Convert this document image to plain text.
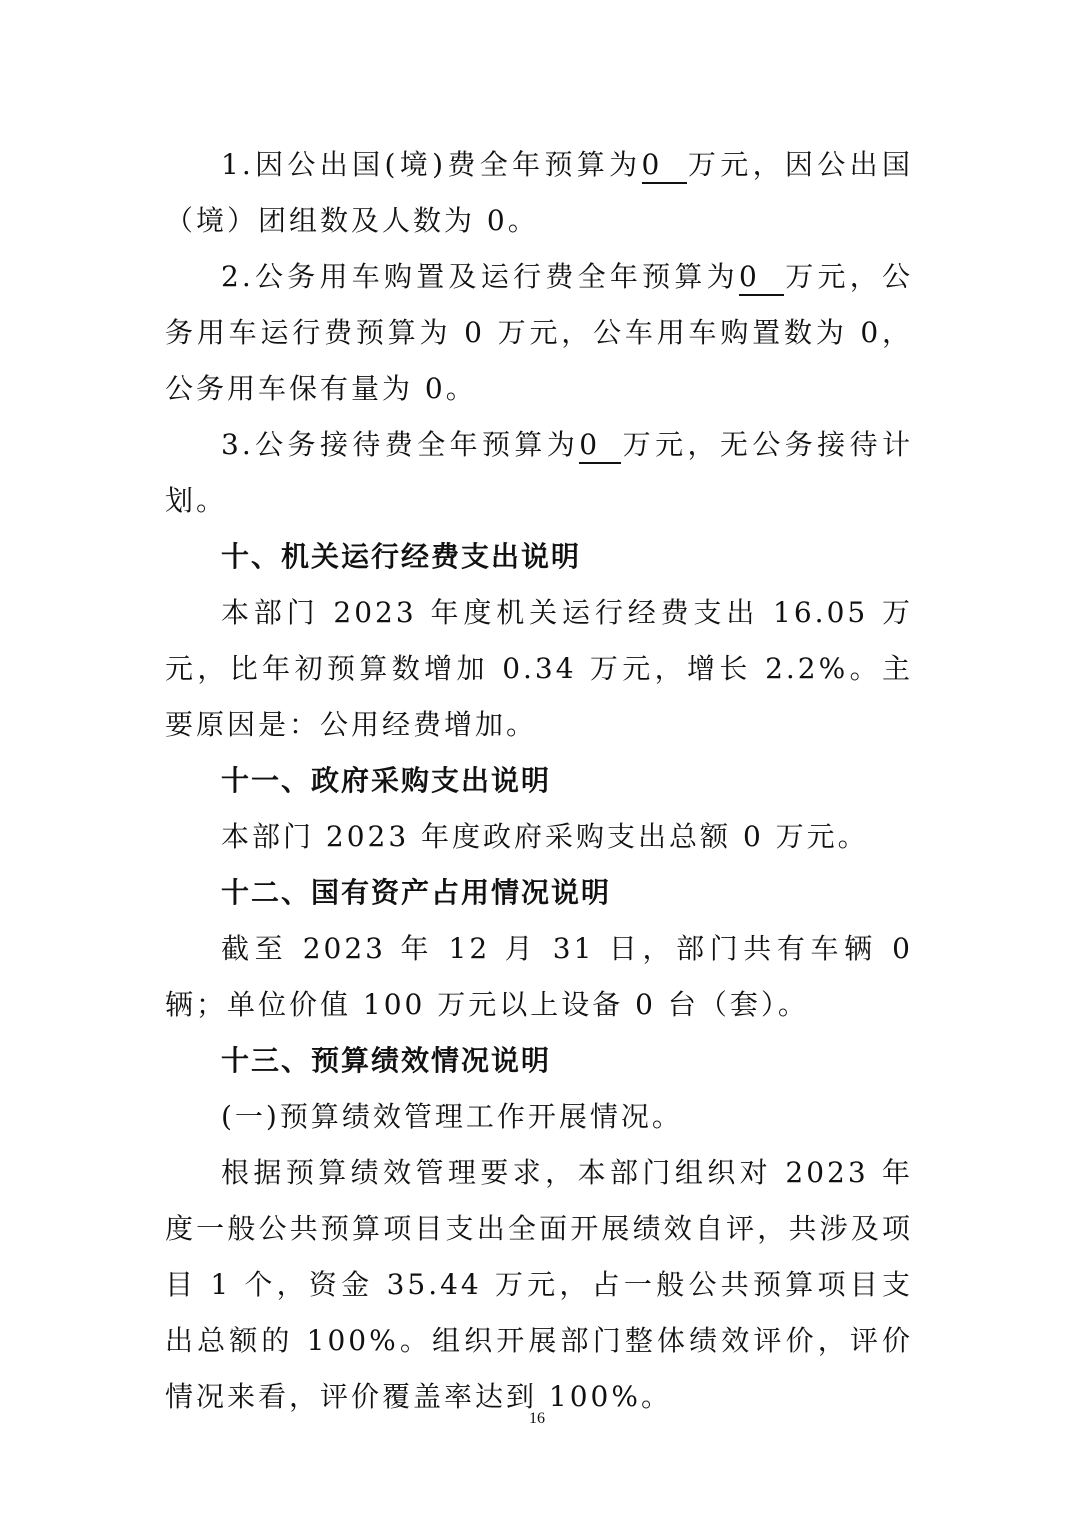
1.因公出国(境)费全年预算为0 万元，因公出国（境）团组数及人数为 0。

2.公务用车购置及运行费全年预算为0 万元，公务用车运行费预算为 0 万元，公车用车购置数为 0，公务用车保有量为 0。

3.公务接待费全年预算为0 万元，无公务接待计划。

十、机关运行经费支出说明

本部门 2023 年度机关运行经费支出 16.05 万元，比年初预算数增加 0.34 万元，增长 2.2%。主要原因是：公用经费增加。

十一、政府采购支出说明

本部门 2023 年度政府采购支出总额 0 万元。

十二、国有资产占用情况说明

截至 2023 年 12 月 31 日，部门共有车辆 0 辆；单位价值 100 万元以上设备 0 台（套）。

十三、预算绩效情况说明

(一)预算绩效管理工作开展情况。

根据预算绩效管理要求，本部门组织对 2023 年度一般公共预算项目支出全面开展绩效自评，共涉及项目 1 个，资金 35.44 万元，占一般公共预算项目支出总额的 100%。组织开展部门整体绩效评价，评价情况来看，评价覆盖率达到 100%。

16
